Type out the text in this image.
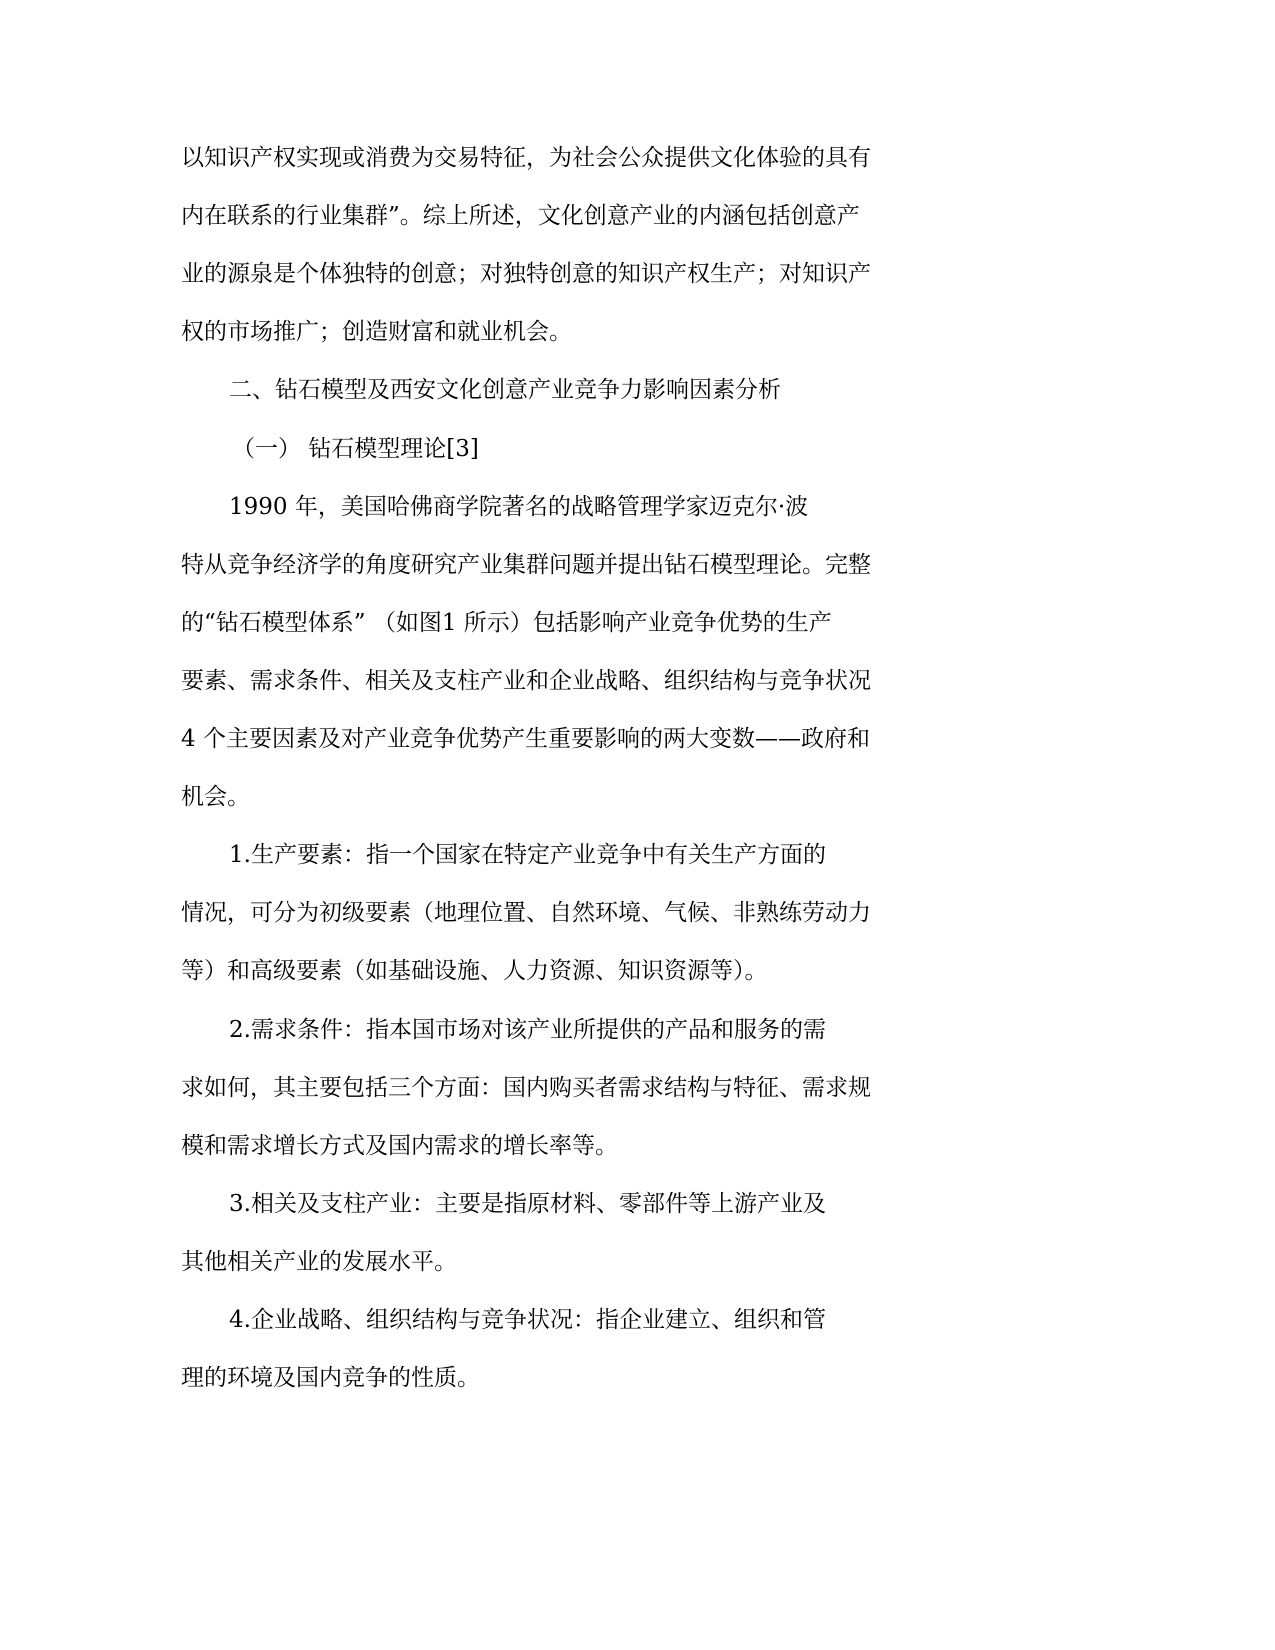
以知识产权实现或消费为交易特征，为社会公众提供文化体验的具有
内在联系的行业集群”。综上所述，文化创意产业的内涵包括创意产
业的源泉是个体独特的创意；对独特创意的知识产权生产；对知识产
权的市场推广；创造财富和就业机会。
二、钻石模型及西安文化创意产业竞争力影响因素分析
（一） 钻石模型理论[3]
1990 年，美国哈佛商学院著名的战略管理学家迈克尔·波
特从竞争经济学的角度研究产业集群问题并提出钻石模型理论。完整
的“钻石模型体系” （如图1 所示）包括影响产业竞争优势的生产
要素、需求条件、相关及支柱产业和企业战略、组织结构与竞争状况
4 个主要因素及对产业竞争优势产生重要影响的两大变数——政府和
机会。
1.生产要素：指一个国家在特定产业竞争中有关生产方面的
情况，可分为初级要素（地理位置、自然环境、气候、非熟练劳动力
等）和高级要素（如基础设施、人力资源、知识资源等）。
2.需求条件：指本国市场对该产业所提供的产品和服务的需
求如何，其主要包括三个方面：国内购买者需求结构与特征、需求规
模和需求增长方式及国内需求的增长率等。
3.相关及支柱产业：主要是指原材料、零部件等上游产业及
其他相关产业的发展水平。
4.企业战略、组织结构与竞争状况：指企业建立、组织和管
理的环境及国内竞争的性质。
